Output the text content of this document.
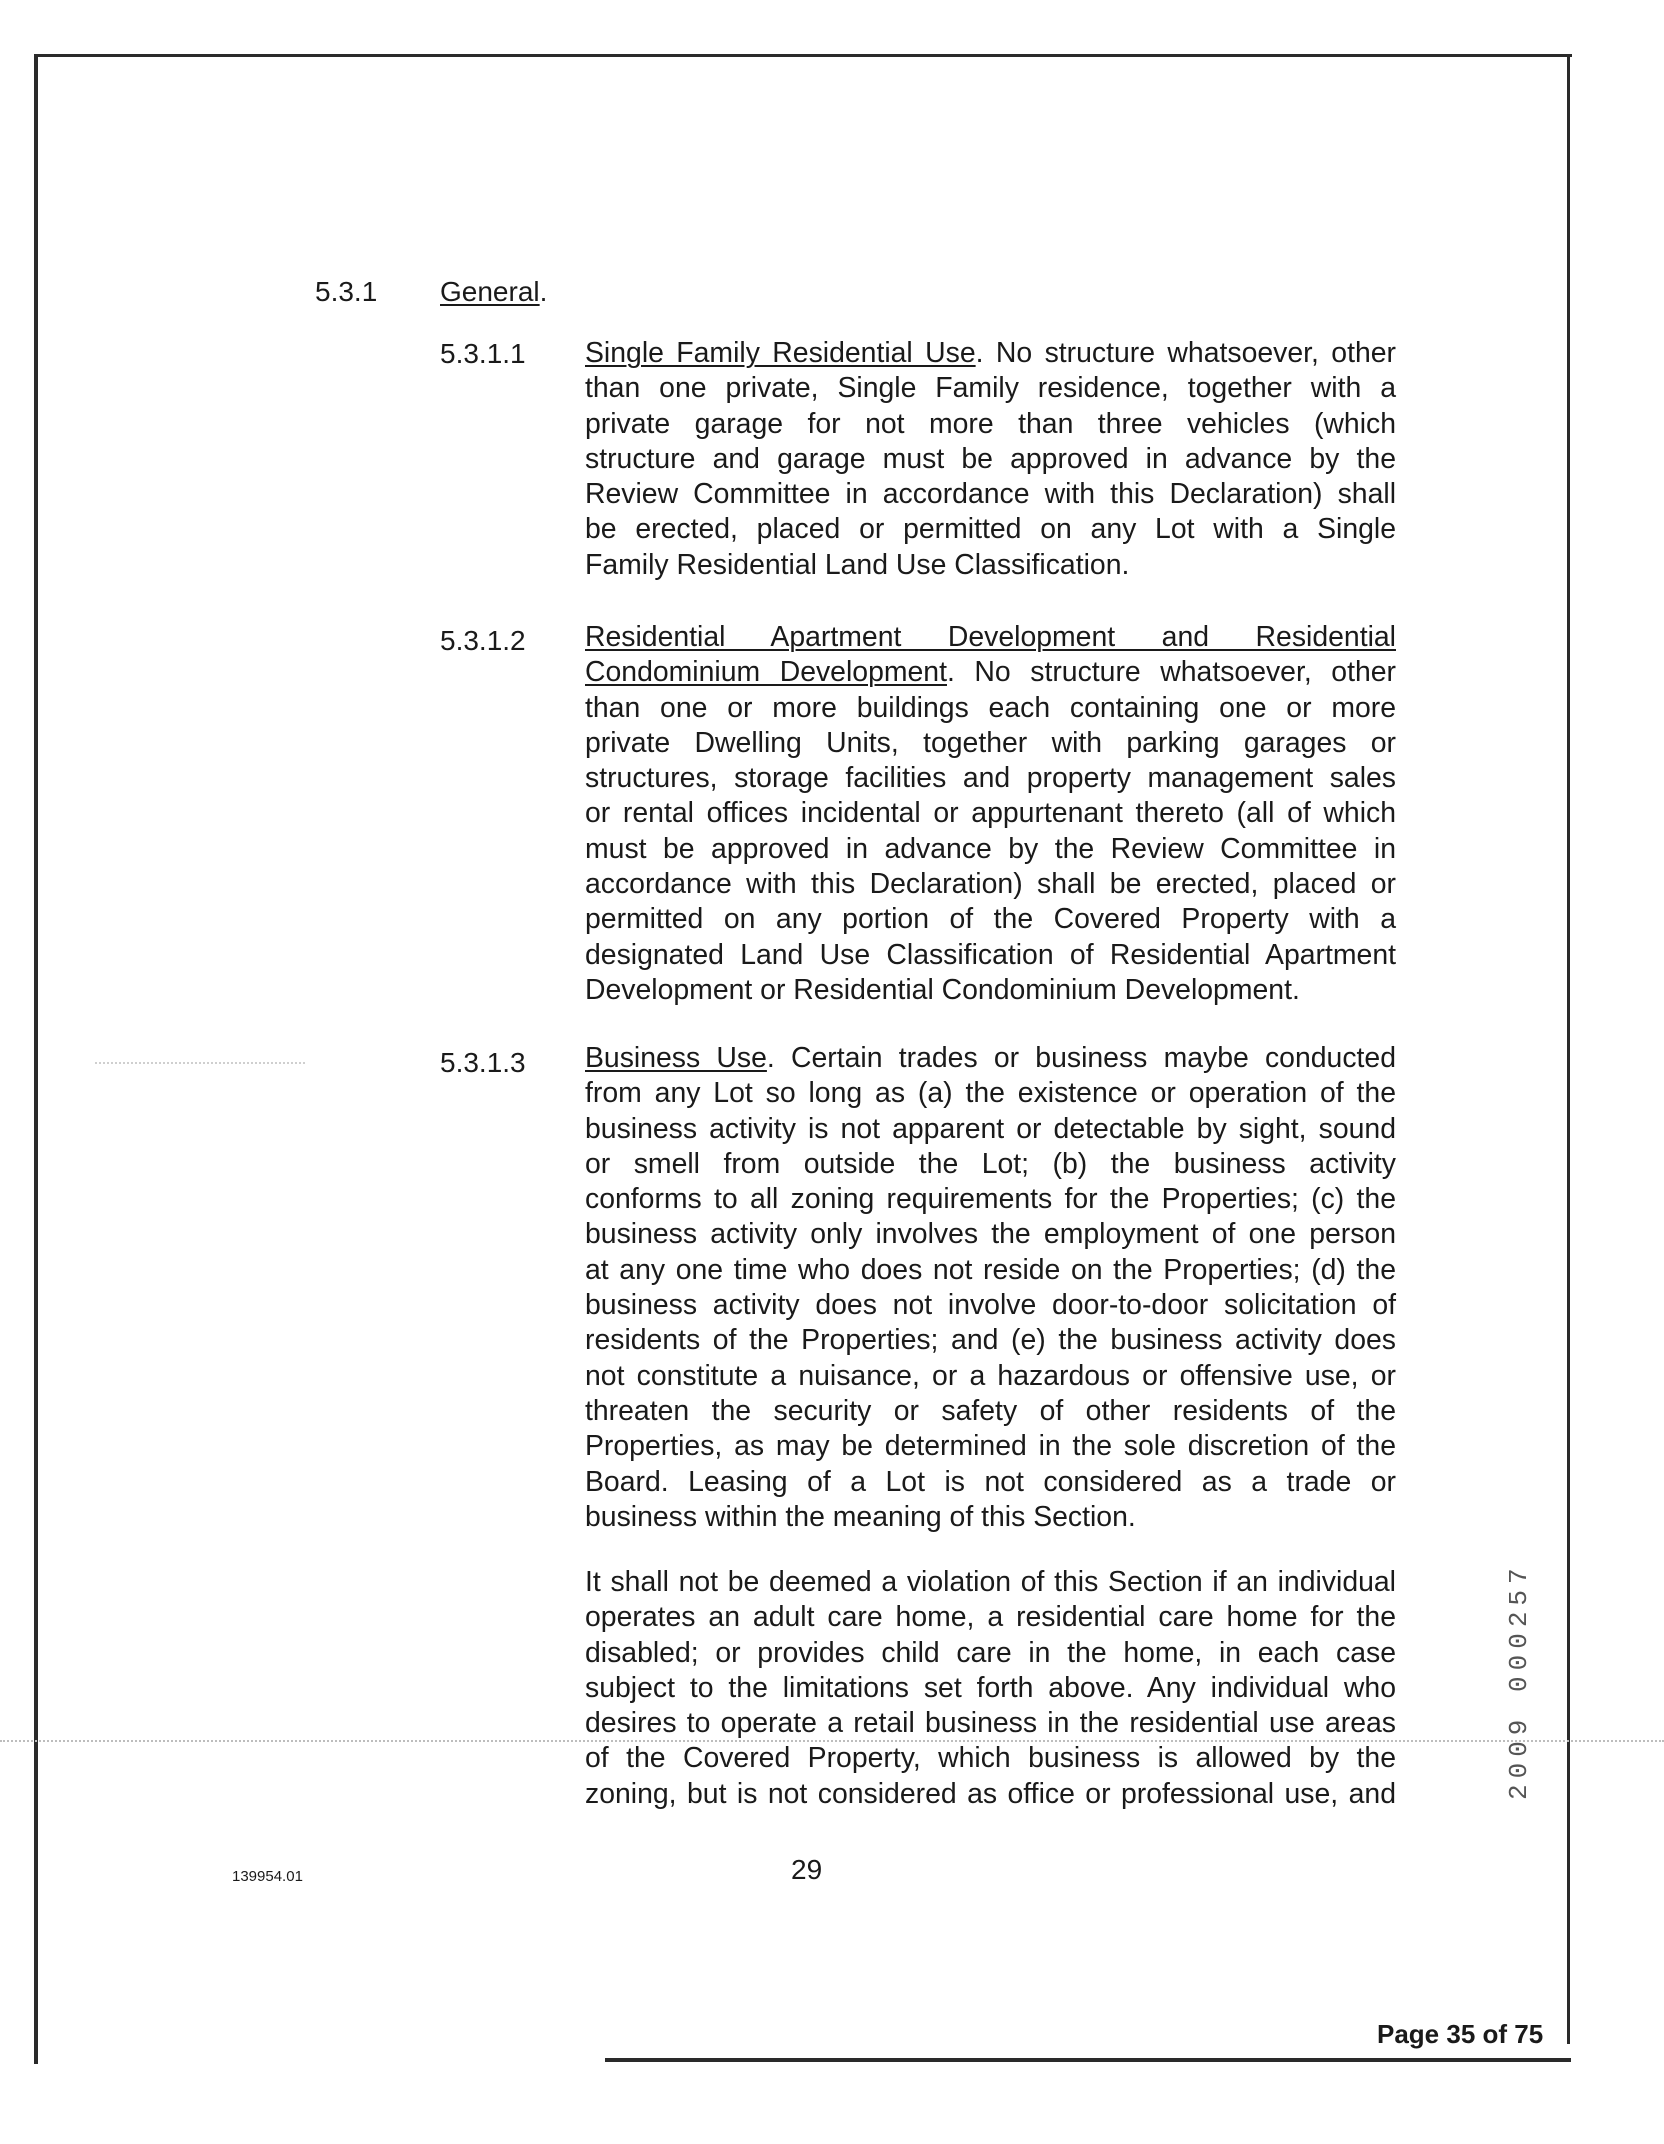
5.3.1 General.
5.3.1.1 Single Family Residential Use. No structure whatsoever, other
than one private, Single Family residence, together with a
private garage for not more than three vehicles (which
structure and garage must be approved in advance by the
Review Committee in accordance with this Declaration) shall
be erected, placed or permitted on any Lot with a Single
Family Residential Land Use Classification.
5.3.1.2 Residential Apartment Development and Residential
Condominium Development. No structure whatsoever, other
than one or more buildings each containing one or more
private Dwelling Units, together with parking garages or
structures, storage facilities and property management sales
or rental offices incidental or appurtenant thereto (all of which
must be approved in advance by the Review Committee in
accordance with this Declaration) shall be erected, placed or
permitted on any portion of the Covered Property with a
designated Land Use Classification of Residential Apartment
Development or Residential Condominium Development.
5.3.1.3 Business Use. Certain trades or business maybe conducted
from any Lot so long as (a) the existence or operation of the
business activity is not apparent or detectable by sight, sound
or smell from outside the Lot; (b) the business activity
conforms to all zoning requirements for the Properties; (c) the
business activity only involves the employment of one person
at any one time who does not reside on the Properties; (d) the
business activity does not involve door-to-door solicitation of
residents of the Properties; and (e) the business activity does
not constitute a nuisance, or a hazardous or offensive use, or
threaten the security or safety of other residents of the
Properties, as may be determined in the sole discretion of the
Board. Leasing of a Lot is not considered as a trade or
business within the meaning of this Section.
It shall not be deemed a violation of this Section if an individual
operates an adult care home, a residential care home for the
disabled; or provides child care in the home, in each case
subject to the limitations set forth above. Any individual who
desires to operate a retail business in the residential use areas
of the Covered Property, which business is allowed by the
zoning, but is not considered as office or professional use, and	2009 000257
139954.01	29
Page 35 of 75
